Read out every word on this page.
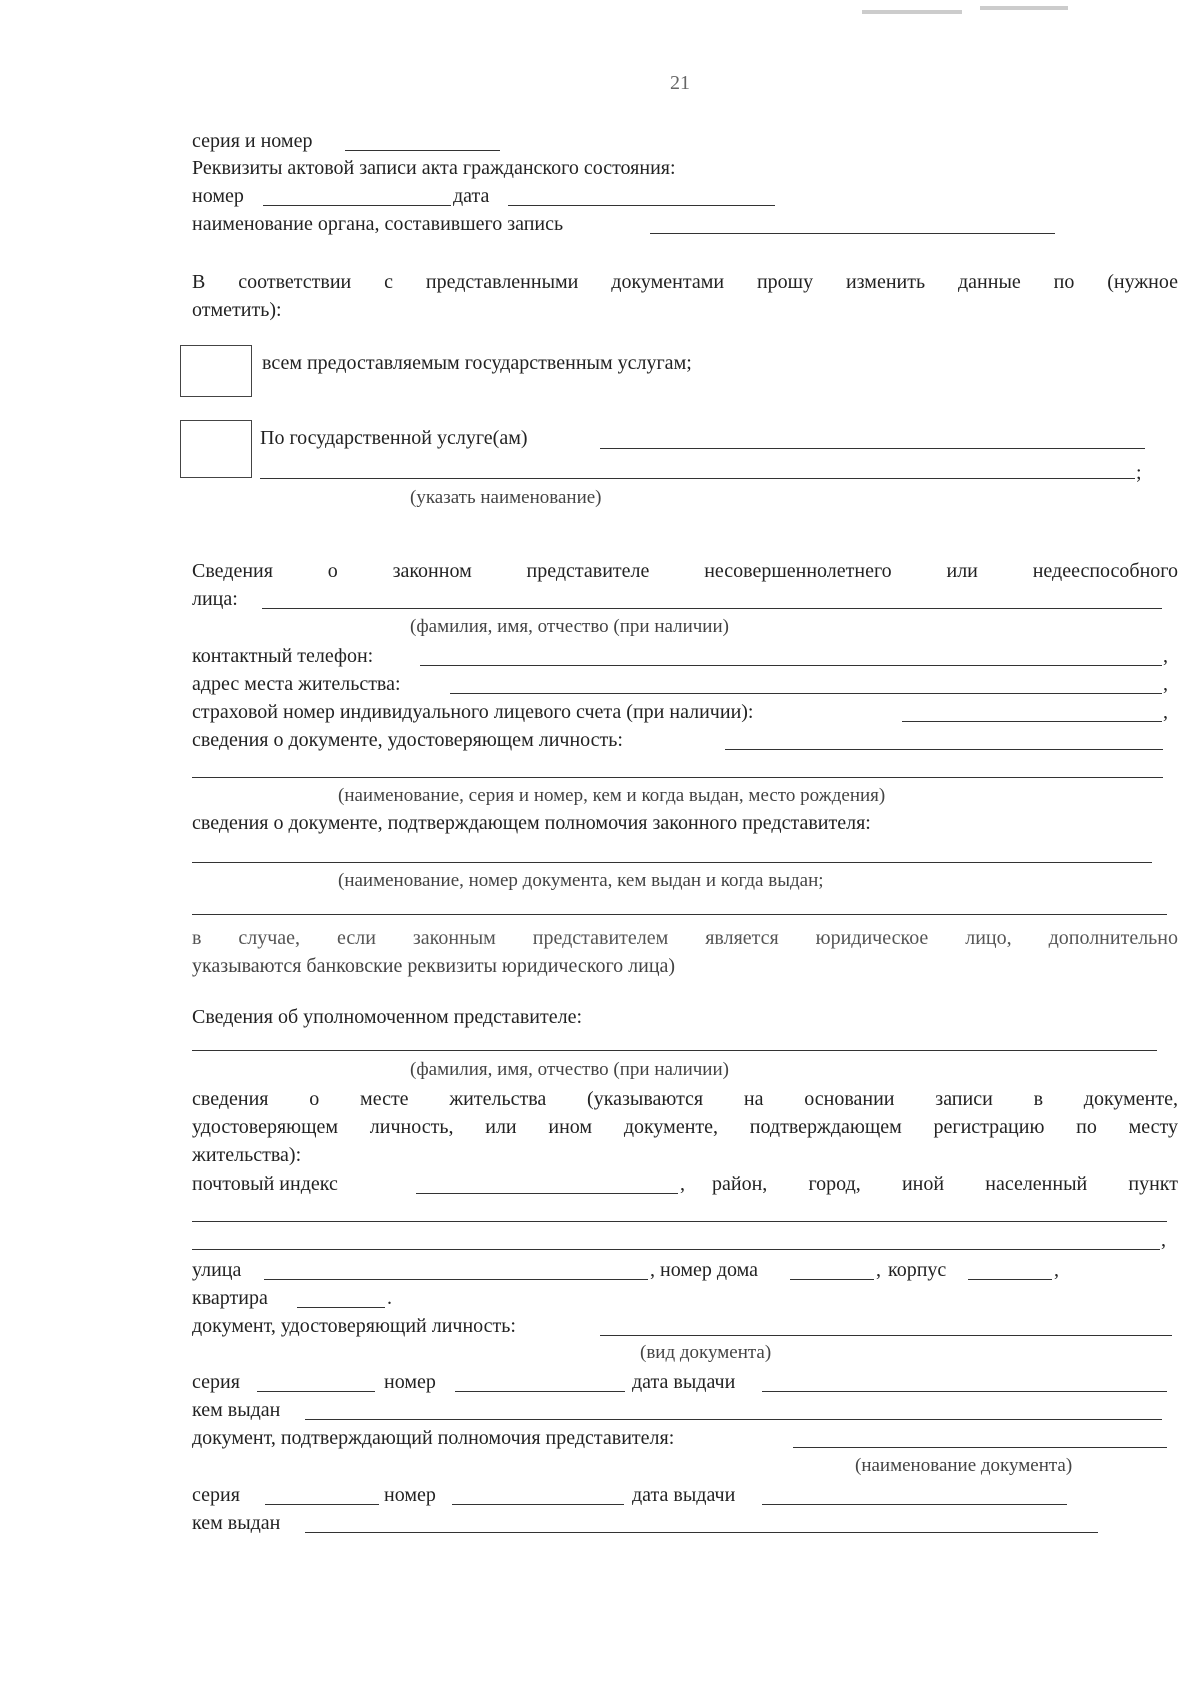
21
серия и номер
Реквизиты актовой записи акта гражданского состояния:
номер	дата
наименование органа, составившего запись
В соответствии с представленными документами прошу изменить данные по (нужное
отметить):
всем предоставляемым государственным услугам;
По государственной услуге(ам)
;
(указать наименование)
Сведения о законном представителе несовершеннолетнего или недееспособного
лица:
(фамилия, имя, отчество (при наличии)
контактный телефон:	,
адрес места жительства:	,
страховой номер индивидуального лицевого счета (при наличии):	,
сведения о документе, удостоверяющем личность:
(наименование, серия и номер, кем и когда выдан, место рождения)
сведения о документе, подтверждающем полномочия законного представителя:
(наименование, номер документа, кем выдан и когда выдан;
в случае, если законным представителем является юридическое лицо, дополнительно
указываются банковские реквизиты юридического лица)
Сведения об уполномоченном представителе:
(фамилия, имя, отчество (при наличии)
сведения о месте жительства (указываются на основании записи в документе,
удостоверяющем личность, или ином документе, подтверждающем регистрацию по месту
жительства):
почтовый индекс	, район, город, иной населенный пункт
,
улица	, номер дома	, корпус	,
квартира	.
документ, удостоверяющий личность:
(вид документа)
серия	номер	дата выдачи
кем выдан
документ, подтверждающий полномочия представителя:
(наименование документа)
серия	номер	дата выдачи
кем выдан
